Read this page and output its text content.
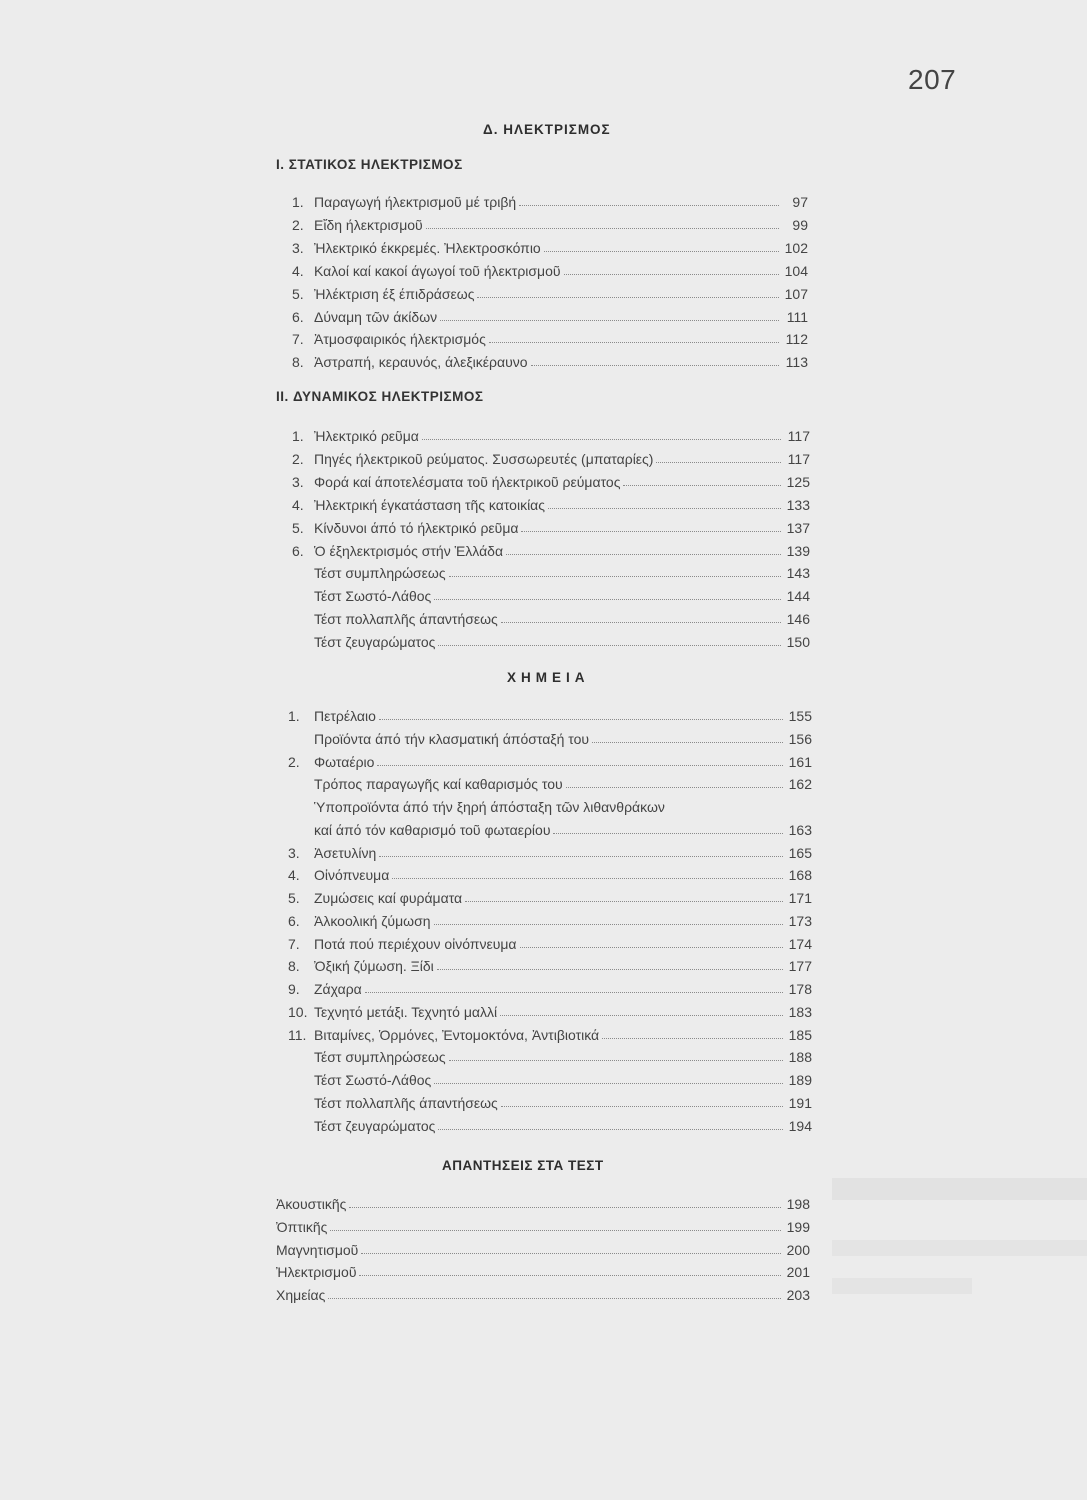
207
Δ. ΗΛΕΚΤΡΙΣΜΟΣ
I. ΣΤΑΤΙΚΟΣ ΗΛΕΚΤΡΙΣΜΟΣ
1. Παραγωγή ήλεκτρισμοῦ μέ τριβή	97
2. Εἴδη ήλεκτρισμοῦ	99
3. Ἠλεκτρικό έκκρεμές. Ἠλεκτροσκόπιο	102
4. Καλοί καί κακοί άγωγοί τοῦ ήλεκτρισμοῦ	104
5. Ἠλέκτριση έξ έπιδράσεως	107
6. Δύναμη τῶν άκίδων	111
7. Ἀτμοσφαιρικός ήλεκτρισμός	112
8. Ἀστραπή, κεραυνός, άλεξικέραυνο	113
II. ΔΥΝΑΜΙΚΟΣ ΗΛΕΚΤΡΙΣΜΟΣ
1. Ἠλεκτρικό ρεῦμα	117
2. Πηγές ήλεκτρικοῦ ρεύματος. Συσσωρευτές (μπαταρίες)	117
3. Φορά καί άποτελέσματα τοῦ ήλεκτρικοῦ ρεύματος	125
4. Ἠλεκτρική έγκατάσταση τῆς κατοικίας	133
5. Κίνδυνοι άπό τό ήλεκτρικό ρεῦμα	137
6. Ὁ έξηλεκτρισμός στήν Ἑλλάδα	139
Τέστ συμπληρώσεως	143
Τέστ Σωστό-Λάθος	144
Τέστ πολλαπλῆς άπαντήσεως	146
Τέστ ζευγαρώματος	150
ΧΗΜΕΙΑ
1.	Πετρέλαιο	155
Προϊόντα άπό τήν κλασματική άπόσταξή του	156
2.	Φωταέριο	161
Τρόπος παραγωγῆς καί καθαρισμός του	162
Ὑποπροϊόντα άπό τήν ξηρή άπόσταξη τῶν λιθανθράκων
καί άπό τόν καθαρισμό τοῦ φωταερίου	163
3.	Ἀσετυλίνη	165
4.	Οἰνόπνευμα	168
5.	Ζυμώσεις καί φυράματα	171
6.	Ἀλκοολική ζύμωση	173
7.	Ποτά πού περιέχουν οἰνόπνευμα	174
8.	Ὀξική ζύμωση. Ξίδι	177
9.	Ζάχαρα	178
10. Τεχνητό μετάξι. Τεχνητό μαλλί	183
11. Βιταμίνες, Ὁρμόνες, Ἐντομοκτόνα, Ἀντιβιοτικά	185
Τέστ συμπληρώσεως	188
Τέστ Σωστό-Λάθος	189
Τέστ πολλαπλῆς άπαντήσεως	191
Τέστ ζευγαρώματος	194
ΑΠΑΝΤΗΣΕΙΣ ΣΤΑ ΤΕΣΤ
Ἀκουστικῆς	198
Ὀπτικῆς	199
Μαγνητισμοῦ	200
Ἠλεκτρισμοῦ	201
Χημείας	203
